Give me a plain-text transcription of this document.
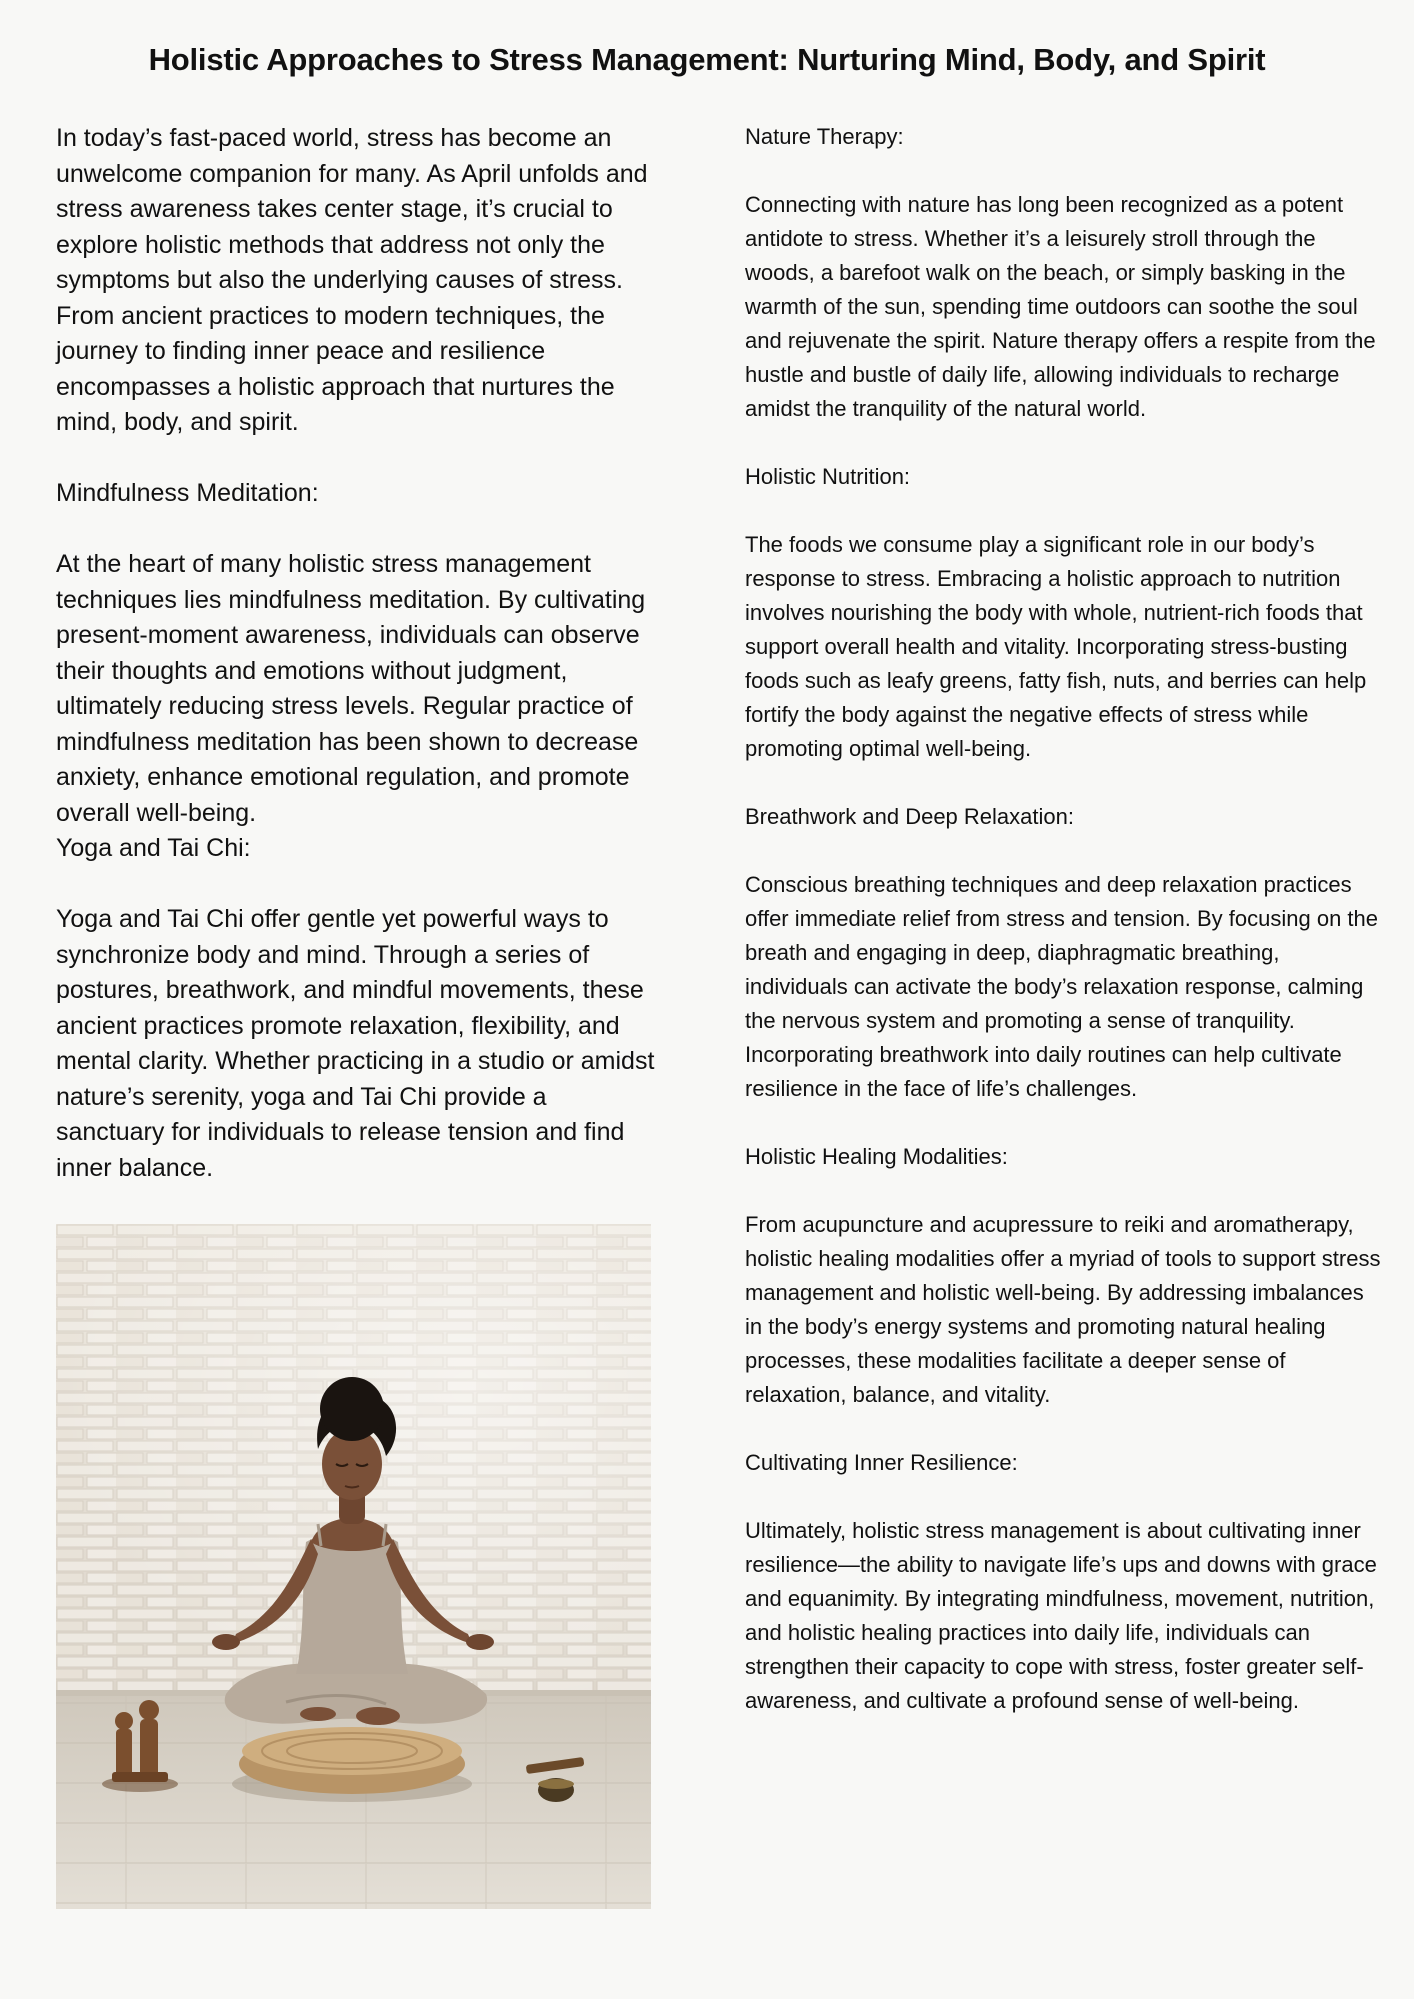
Holistic Approaches to Stress Management: Nurturing Mind, Body, and Spirit

In today’s fast-paced world, stress has become an unwelcome companion for many. As April unfolds and stress awareness takes center stage, it’s crucial to explore holistic methods that address not only the symptoms but also the underlying causes of stress. From ancient practices to modern techniques, the journey to finding inner peace and resilience encompasses a holistic approach that nurtures the mind, body, and spirit.

Mindfulness Meditation:

At the heart of many holistic stress management techniques lies mindfulness meditation. By cultivating present-moment awareness, individuals can observe their thoughts and emotions without judgment, ultimately reducing stress levels. Regular practice of mindfulness meditation has been shown to decrease anxiety, enhance emotional regulation, and promote overall well-being.

Yoga and Tai Chi:

Yoga and Tai Chi offer gentle yet powerful ways to synchronize body and mind. Through a series of postures, breathwork, and mindful movements, these ancient practices promote relaxation, flexibility, and mental clarity. Whether practicing in a studio or amidst nature’s serenity, yoga and Tai Chi provide a sanctuary for individuals to release tension and find inner balance.

Nature Therapy:

Connecting with nature has long been recognized as a potent antidote to stress. Whether it’s a leisurely stroll through the woods, a barefoot walk on the beach, or simply basking in the warmth of the sun, spending time outdoors can soothe the soul and rejuvenate the spirit. Nature therapy offers a respite from the hustle and bustle of daily life, allowing individuals to recharge amidst the tranquility of the natural world.

Holistic Nutrition:

The foods we consume play a significant role in our body’s response to stress. Embracing a holistic approach to nutrition involves nourishing the body with whole, nutrient-rich foods that support overall health and vitality. Incorporating stress-busting foods such as leafy greens, fatty fish, nuts, and berries can help fortify the body against the negative effects of stress while promoting optimal well-being.

Breathwork and Deep Relaxation:

Conscious breathing techniques and deep relaxation practices offer immediate relief from stress and tension. By focusing on the breath and engaging in deep, diaphragmatic breathing, individuals can activate the body’s relaxation response, calming the nervous system and promoting a sense of tranquility. Incorporating breathwork into daily routines can help cultivate resilience in the face of life’s challenges.

Holistic Healing Modalities:

From acupuncture and acupressure to reiki and aromatherapy, holistic healing modalities offer a myriad of tools to support stress management and holistic well-being. By addressing imbalances in the body’s energy systems and promoting natural healing processes, these modalities facilitate a deeper sense of relaxation, balance, and vitality.

Cultivating Inner Resilience:

Ultimately, holistic stress management is about cultivating inner resilience—the ability to navigate life’s ups and downs with grace and equanimity. By integrating mindfulness, movement, nutrition, and holistic healing practices into daily life, individuals can strengthen their capacity to cope with stress, foster greater self-awareness, and cultivate a profound sense of well-being.
